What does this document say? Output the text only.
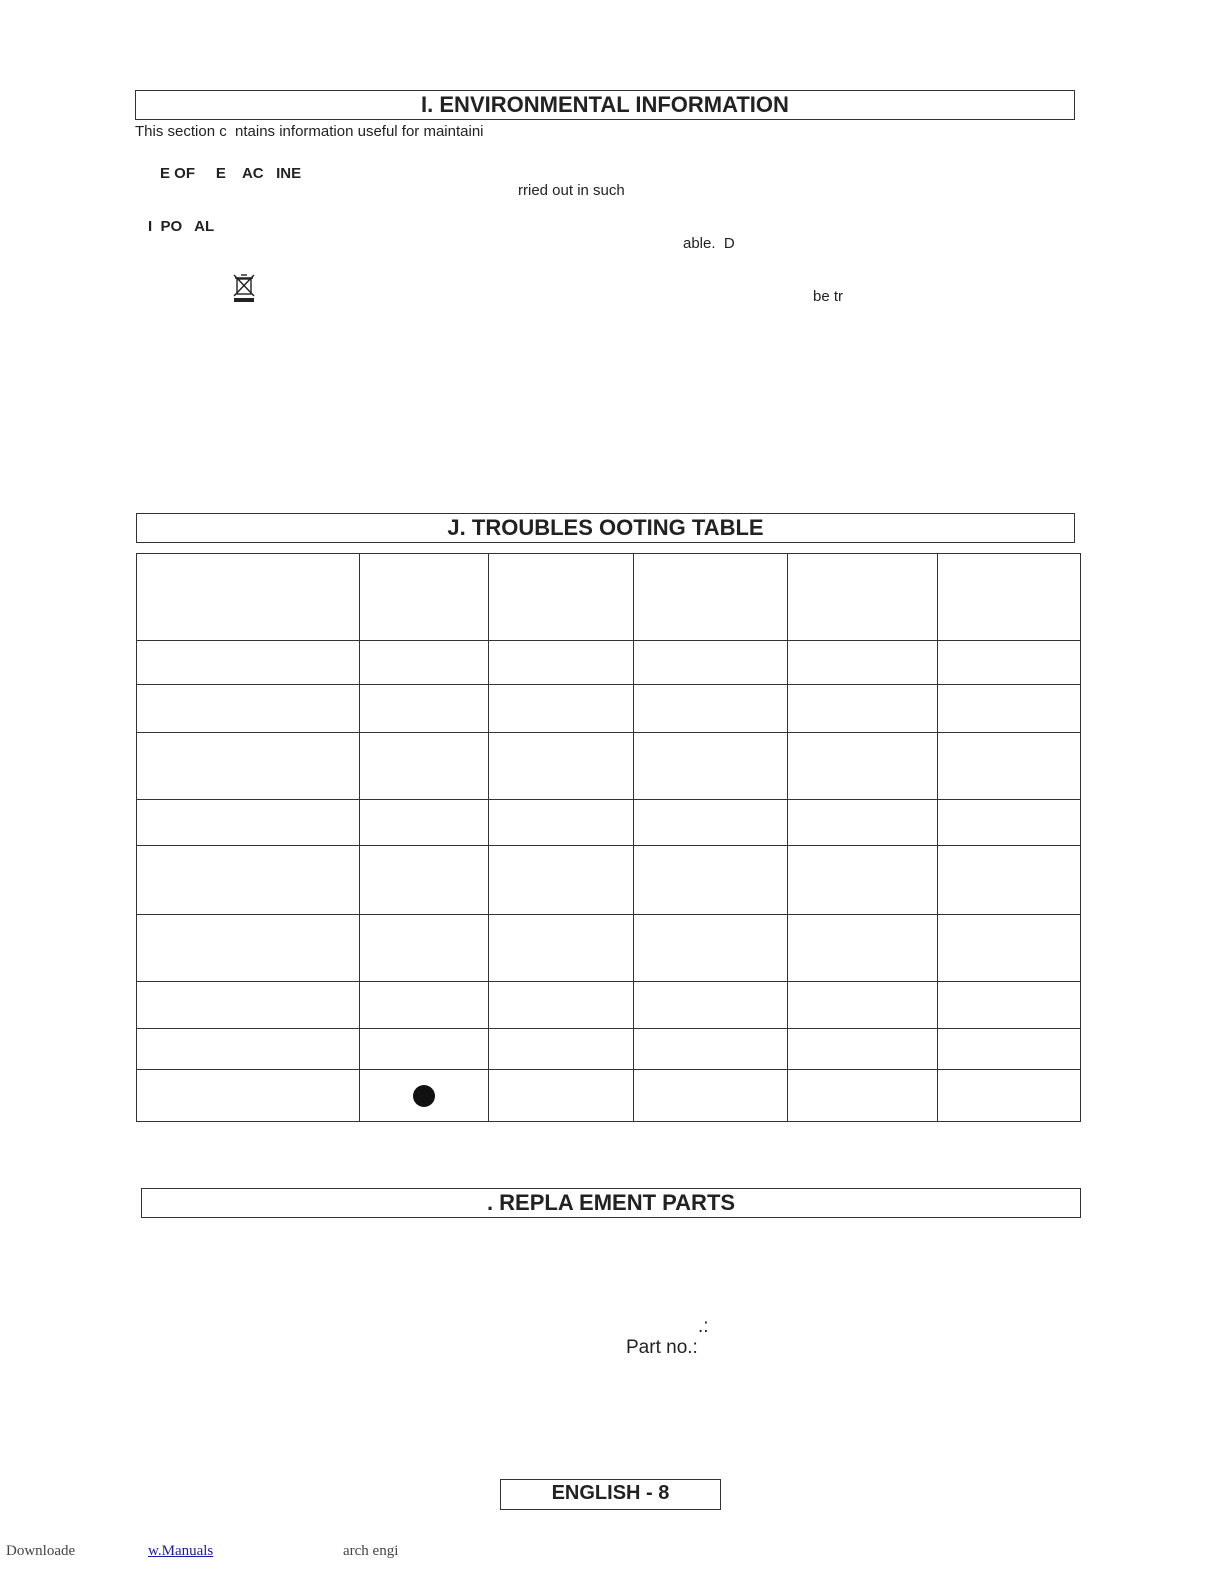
I. ENVIRONMENTAL INFORMATION
This section c  ntains information useful for maintaini
E OF     E    AC   INE
rried out in such
I  PO   AL
able.  D
be tr
J. TROUBLES OOTING TABLE

. REPLA EMENT PARTS
.:
Part no.:
ENGLISH - 8
Downloade	w.Manuals	arch engi
